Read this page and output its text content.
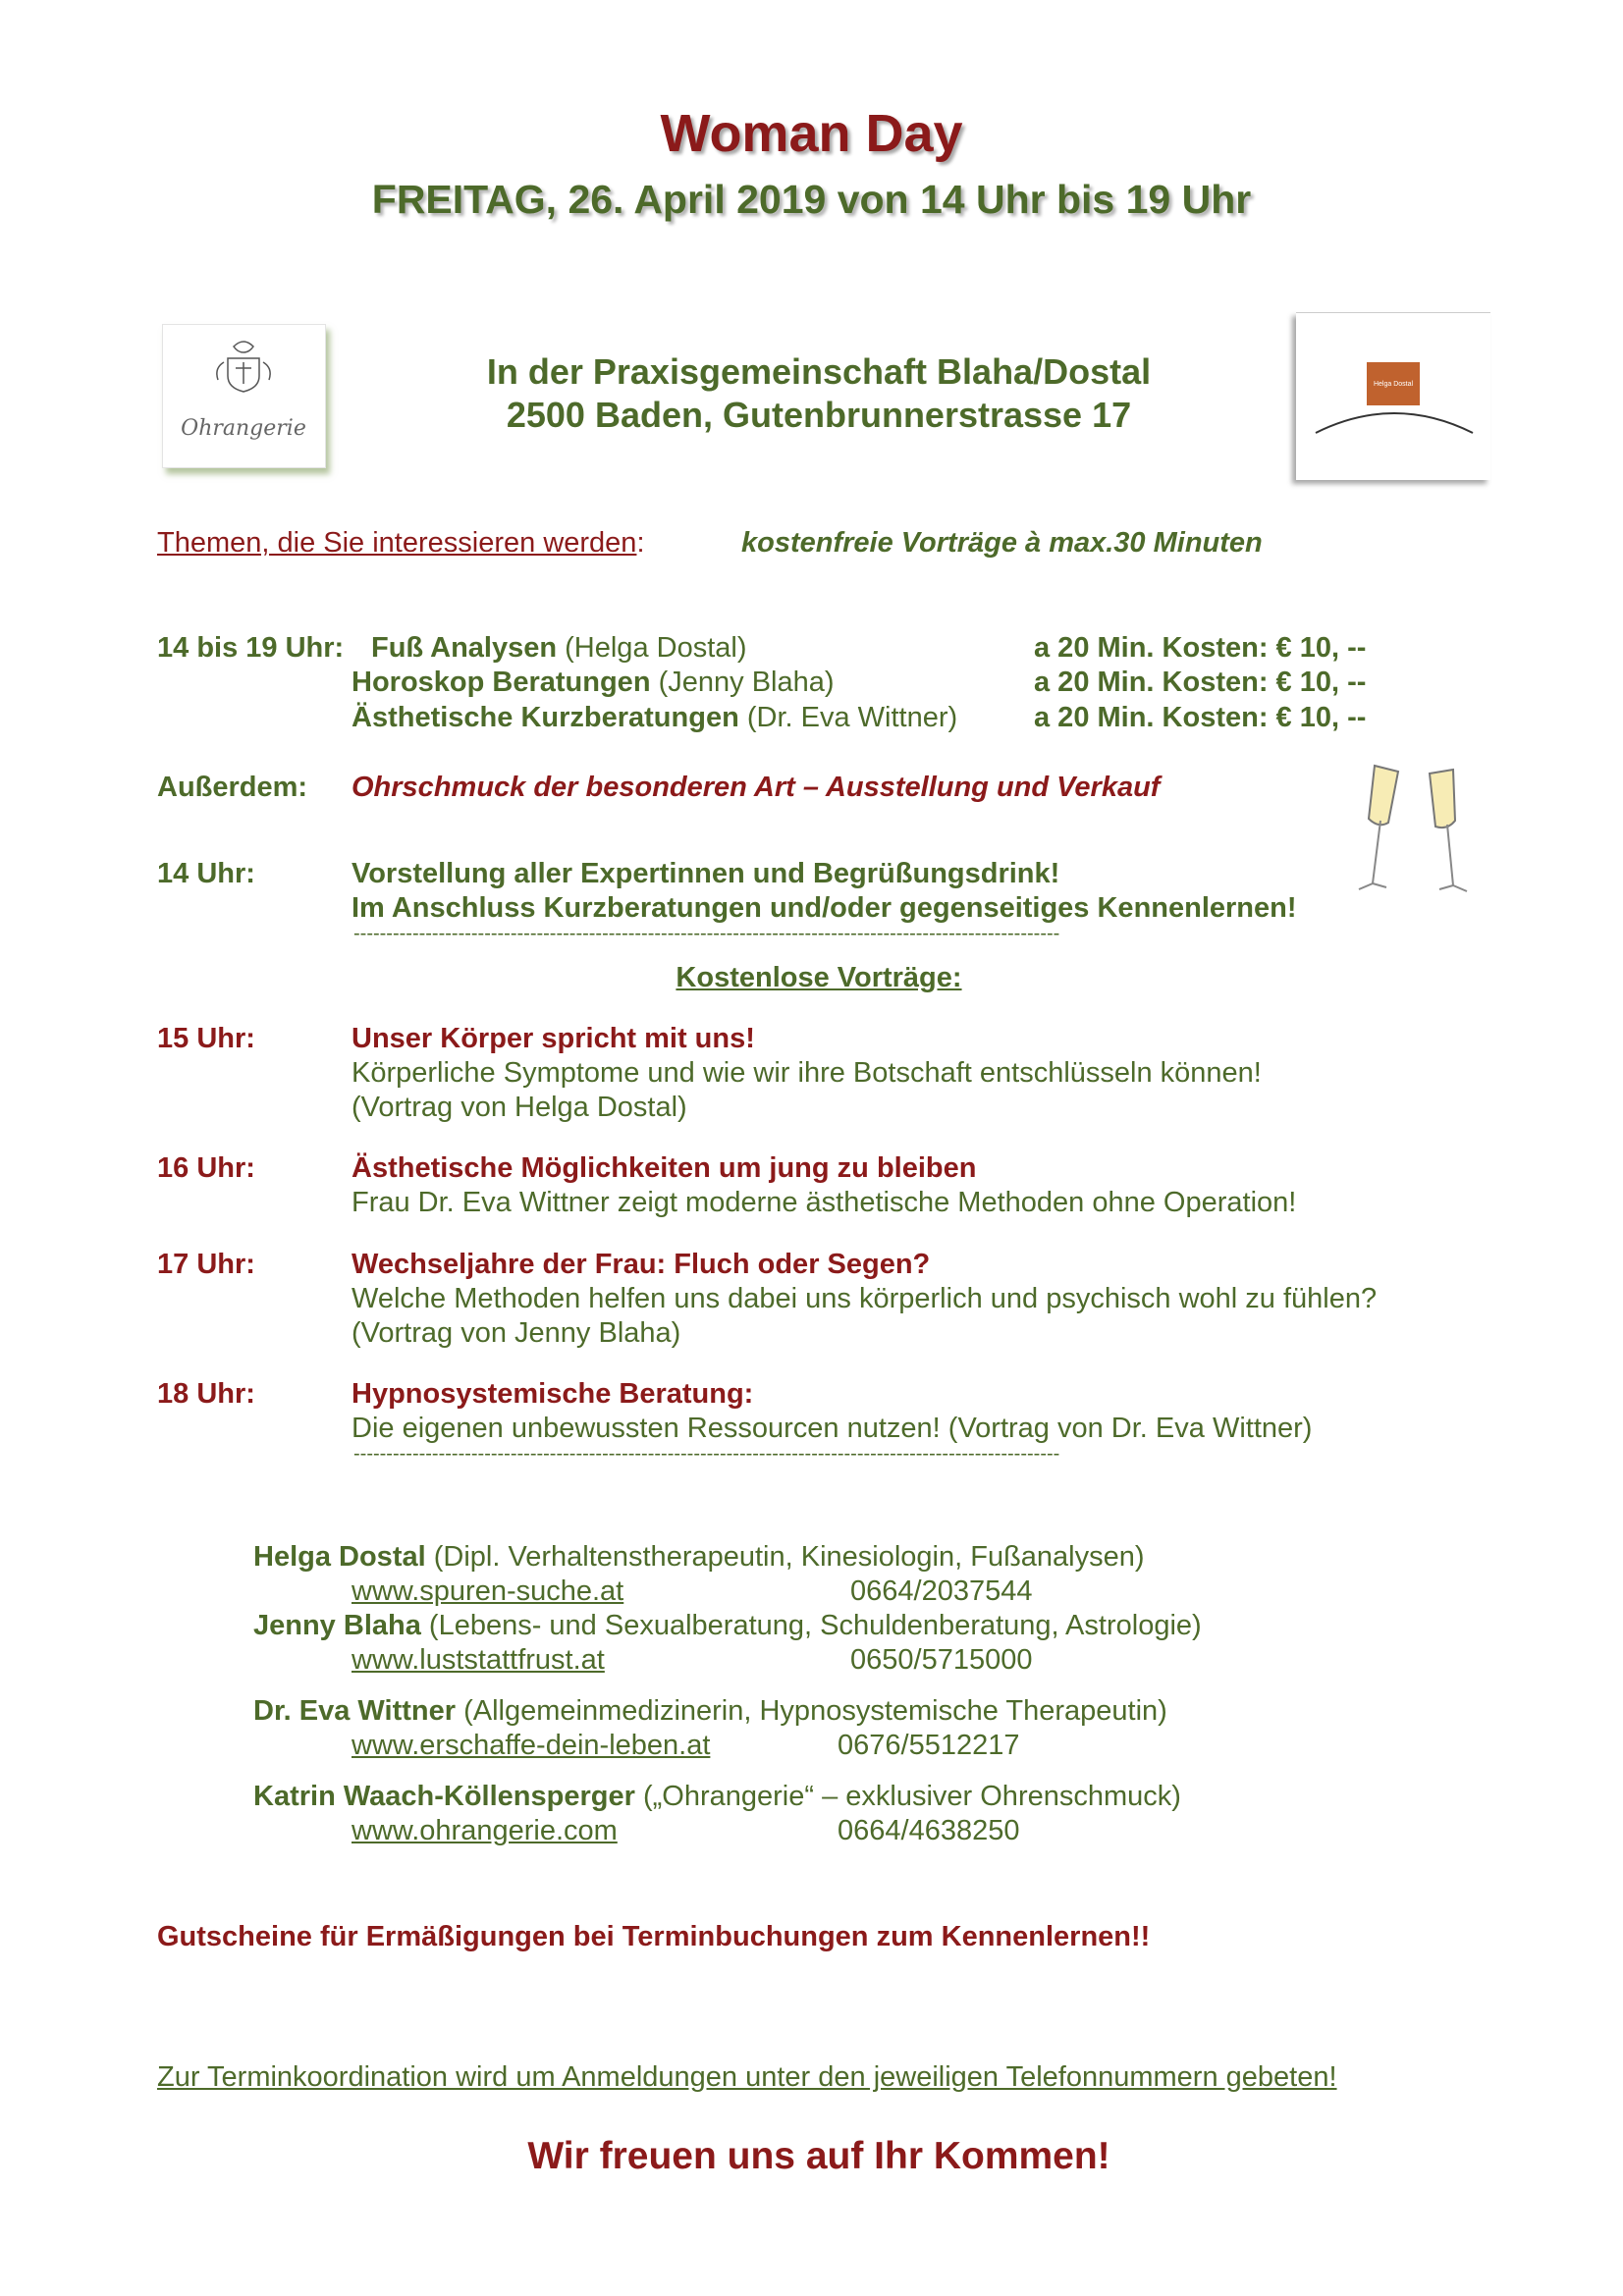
Woman Day
FREITAG, 26. April 2019 von 14 Uhr bis 19 Uhr
Ohrangerie
In der Praxisgemeinschaft Blaha/Dostal
2500 Baden, Gutenbrunnerstrasse 17
Helga Dostal
Themen, die Sie interessieren werden:	kostenfreie Vorträge à max.30 Minuten
14 bis 19 Uhr: Fuß Analysen (Helga Dostal)	a 20 Min. Kosten: € 10, --
Horoskop Beratungen (Jenny Blaha)	a 20 Min. Kosten: € 10, --
Ästhetische Kurzberatungen (Dr. Eva Wittner)	a 20 Min. Kosten: € 10, --
Außerdem: Ohrschmuck der besonderen Art – Ausstellung und Verkauf
14 Uhr:	Vorstellung aller Expertinnen und Begrüßungsdrink!
Im Anschluss Kurzberatungen und/oder gegenseitiges Kennenlernen!
------------------------------------------------------------------------------------------------------------
Kostenlose Vorträge:
15 Uhr:	Unser Körper spricht mit uns!
Körperliche Symptome und wie wir ihre Botschaft entschlüsseln können!
(Vortrag von Helga Dostal)
16 Uhr:	Ästhetische Möglichkeiten um jung zu bleiben
Frau Dr. Eva Wittner zeigt moderne ästhetische Methoden ohne Operation!
17 Uhr:	Wechseljahre der Frau: Fluch oder Segen?
Welche Methoden helfen uns dabei uns körperlich und psychisch wohl zu fühlen?
(Vortrag von Jenny Blaha)
18 Uhr:	Hypnosystemische Beratung:
Die eigenen unbewussten Ressourcen nutzen! (Vortrag von Dr. Eva Wittner)
------------------------------------------------------------------------------------------------------------
Helga Dostal (Dipl. Verhaltenstherapeutin, Kinesiologin, Fußanalysen)
www.spuren-suche.at	0664/2037544
Jenny Blaha (Lebens- und Sexualberatung, Schuldenberatung, Astrologie)
www.luststattfrust.at	0650/5715000
Dr. Eva Wittner (Allgemeinmedizinerin, Hypnosystemische Therapeutin)
www.erschaffe-dein-leben.at	0676/5512217
Katrin Waach-Köllensperger („Ohrangerie“ – exklusiver Ohrenschmuck)
www.ohrangerie.com	0664/4638250
Gutscheine für Ermäßigungen bei Terminbuchungen zum Kennenlernen!!
Zur Terminkoordination wird um Anmeldungen unter den jeweiligen Telefonnummern gebeten!
Wir freuen uns auf Ihr Kommen!
